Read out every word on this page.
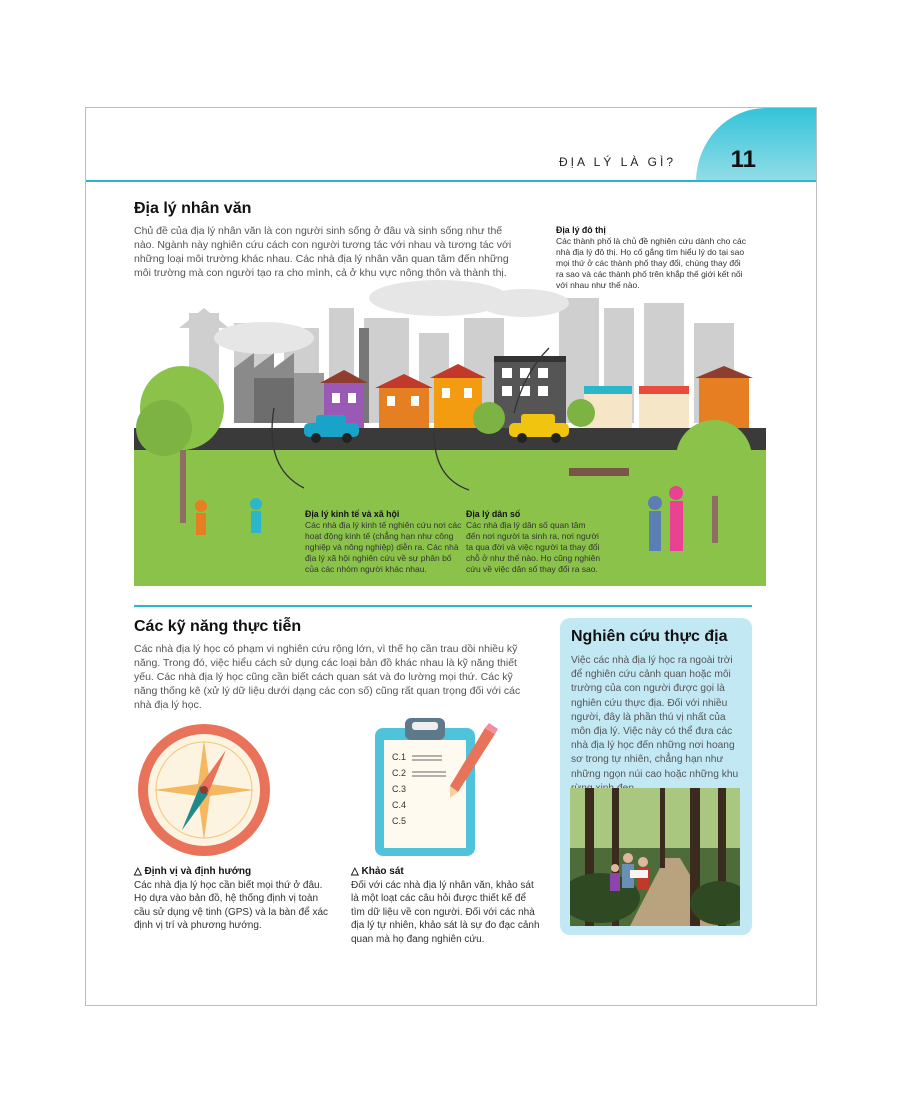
ĐỊA LÝ LÀ GÌ? 11
Địa lý nhân văn
Chủ đề của địa lý nhân văn là con người sinh sống ở đâu và sinh sống như thế nào. Ngành này nghiên cứu cách con người tương tác với nhau và tương tác với những loại môi trường khác nhau. Các nhà địa lý nhân văn quan tâm đến những môi trường mà con người tạo ra cho mình, cả ở khu vực nông thôn và thành thị.
Địa lý đô thị
Các thành phố là chủ đề nghiên cứu dành cho các nhà địa lý đô thị. Họ cố gắng tìm hiểu lý do tại sao mọi thứ ở các thành phố thay đổi, chúng thay đổi ra sao và các thành phố trên khắp thế giới kết nối với nhau như thế nào.
Địa lý kinh tế và xã hội
Các nhà địa lý kinh tế nghiên cứu nơi các hoạt động kinh tế (chẳng hạn như công nghiệp và nông nghiệp) diễn ra. Các nhà địa lý xã hội nghiên cứu về sự phân bố của các nhóm người khác nhau.
Địa lý dân số
Các nhà địa lý dân số quan tâm đến nơi người ta sinh ra, nơi người ta qua đời và việc người ta thay đổi chỗ ở như thế nào. Họ cũng nghiên cứu về việc dân số thay đổi ra sao.
Các kỹ năng thực tiễn
Các nhà địa lý học có phạm vi nghiên cứu rộng lớn, vì thế họ cần trau dồi nhiều kỹ năng. Trong đó, việc hiểu cách sử dụng các loại bản đồ khác nhau là kỹ năng thiết yếu. Các nhà địa lý học cũng cần biết cách quan sát và đo lường mọi thứ. Các kỹ năng thống kê (xử lý dữ liệu dưới dạng các con số) cũng rất quan trọng đối với các nhà địa lý học.
C.1
C.2
C.3
C.4
C.5
△ Định vị và định hướng
Các nhà địa lý học cần biết mọi thứ ở đâu. Họ dựa vào bản đồ, hệ thống định vị toàn cầu sử dụng vệ tinh (GPS) và la bàn để xác định vị trí và phương hướng.
△ Khảo sát
Đối với các nhà địa lý nhân văn, khảo sát là một loạt các câu hỏi được thiết kế để tìm dữ liệu về con người. Đối với các nhà địa lý tự nhiên, khảo sát là sự đo đạc cảnh quan mà họ đang nghiên cứu.
Nghiên cứu thực địa
Việc các nhà địa lý học ra ngoài trời để nghiên cứu cảnh quan hoặc môi trường của con người được gọi là nghiên cứu thực địa. Đối với nhiều người, đây là phần thú vị nhất của môn địa lý. Việc này có thể đưa các nhà địa lý học đến những nơi hoang sơ trong tự nhiên, chẳng hạn như những ngọn núi cao hoặc những khu
